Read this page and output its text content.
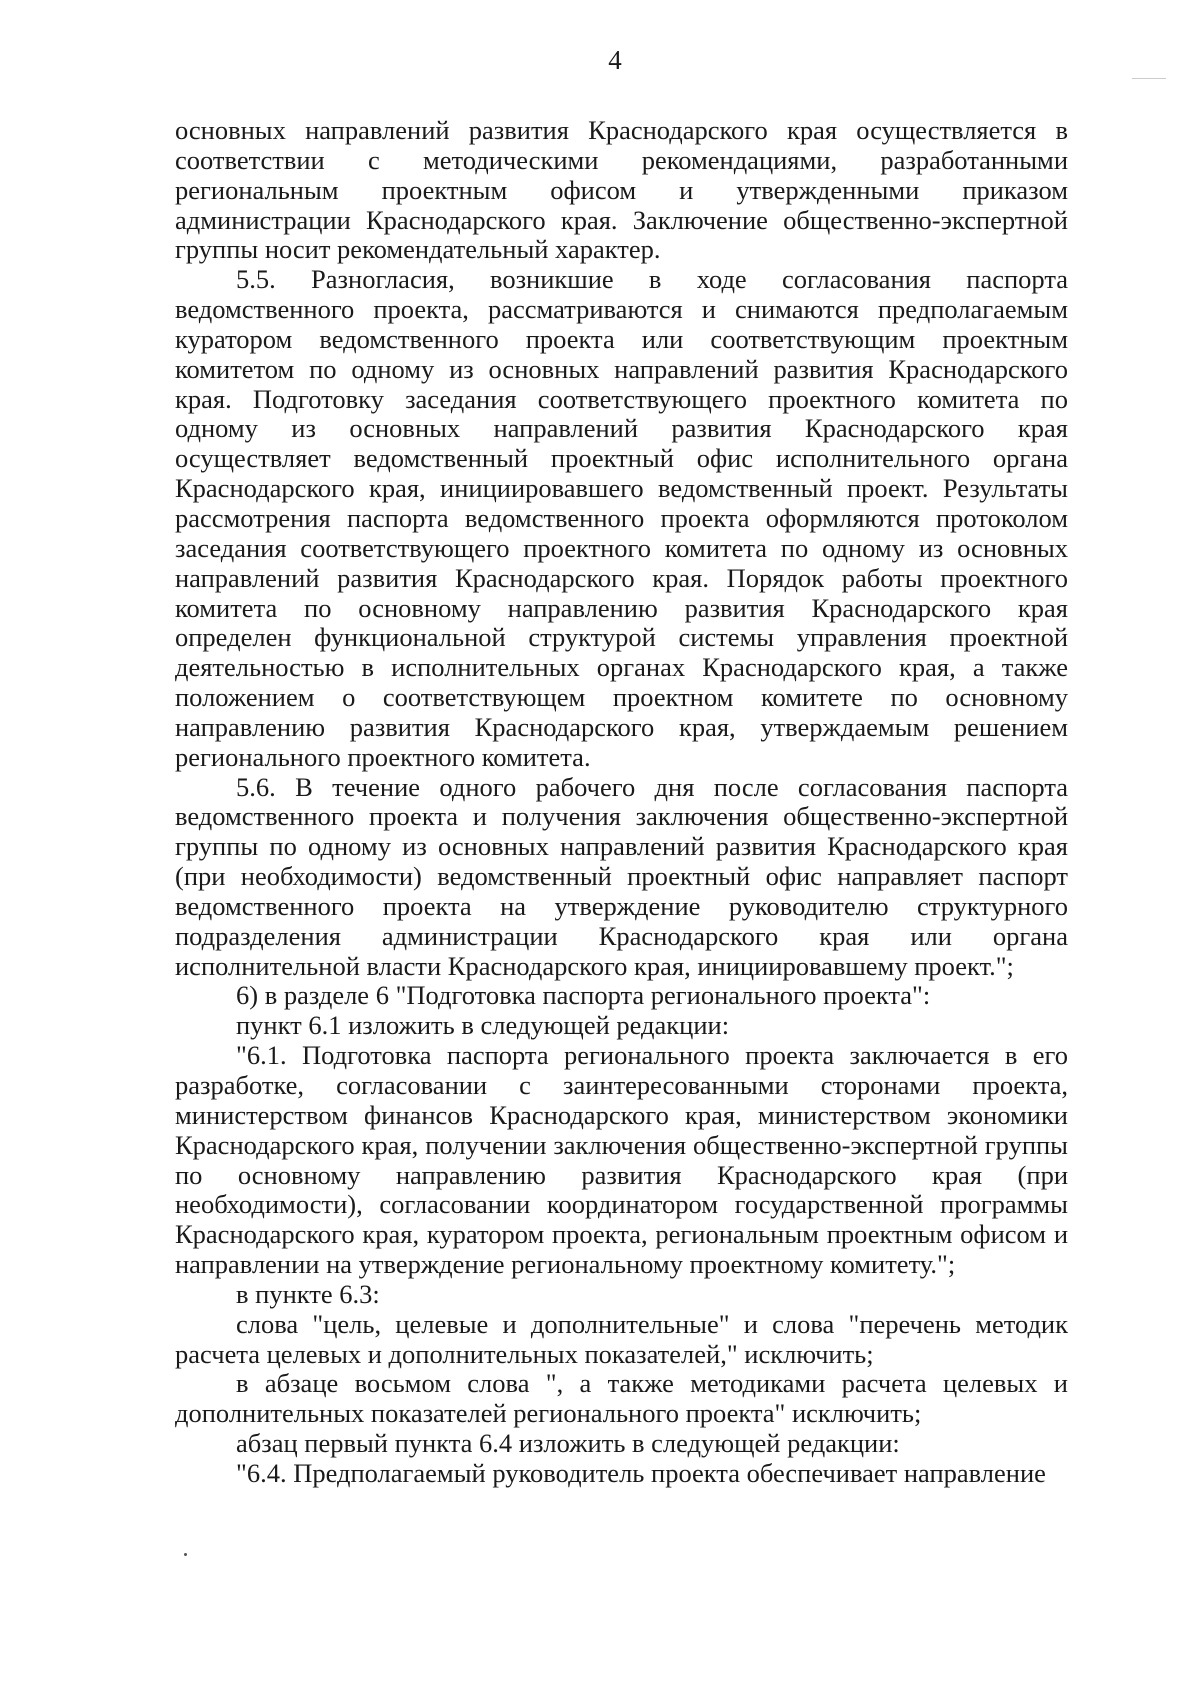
4

основных направлений развития Краснодарского края осуществляется в соответствии с методическими рекомендациями, разработанными региональным проектным офисом и утвержденными приказом администрации Краснодарского края. Заключение общественно-экспертной группы носит рекомендательный характер.

5.5. Разногласия, возникшие в ходе согласования паспорта ведомственного проекта, рассматриваются и снимаются предполагаемым куратором ведомственного проекта или соответствующим проектным комитетом по одному из основных направлений развития Краснодарского края. Подготовку заседания соответствующего проектного комитета по одному из основных направлений развития Краснодарского края осуществляет ведомственный проектный офис исполнительного органа Краснодарского края, инициировавшего ведомственный проект. Результаты рассмотрения паспорта ведомственного проекта оформляются протоколом заседания соответствующего проектного комитета по одному из основных направлений развития Краснодарского края. Порядок работы проектного комитета по основному направлению развития Краснодарского края определен функциональной структурой системы управления проектной деятельностью в исполнительных органах Краснодарского края, а также положением о соответствующем проектном комитете по основному направлению развития Краснодарского края, утверждаемым решением регионального проектного комитета.

5.6. В течение одного рабочего дня после согласования паспорта ведомственного проекта и получения заключения общественно-экспертной группы по одному из основных направлений развития Краснодарского края (при необходимости) ведомственный проектный офис направляет паспорт ведомственного проекта на утверждение руководителю структурного подразделения администрации Краснодарского края или органа исполнительной власти Краснодарского края, инициировавшему проект.";

6) в разделе 6 "Подготовка паспорта регионального проекта":

пункт 6.1 изложить в следующей редакции:

"6.1. Подготовка паспорта регионального проекта заключается в его разработке, согласовании с заинтересованными сторонами проекта, министерством финансов Краснодарского края, министерством экономики Краснодарского края, получении заключения общественно-экспертной группы по основному направлению развития Краснодарского края (при необходимости), согласовании координатором государственной программы Краснодарского края, куратором проекта, региональным проектным офисом и направлении на утверждение региональному проектному комитету.";

в пункте 6.3:

слова "цель, целевые и дополнительные" и слова "перечень методик расчета целевых и дополнительных показателей," исключить;

в абзаце восьмом слова ", а также методиками расчета целевых и дополнительных показателей регионального проекта" исключить;

абзац первый пункта 6.4 изложить в следующей редакции:

"6.4. Предполагаемый руководитель проекта обеспечивает направление
